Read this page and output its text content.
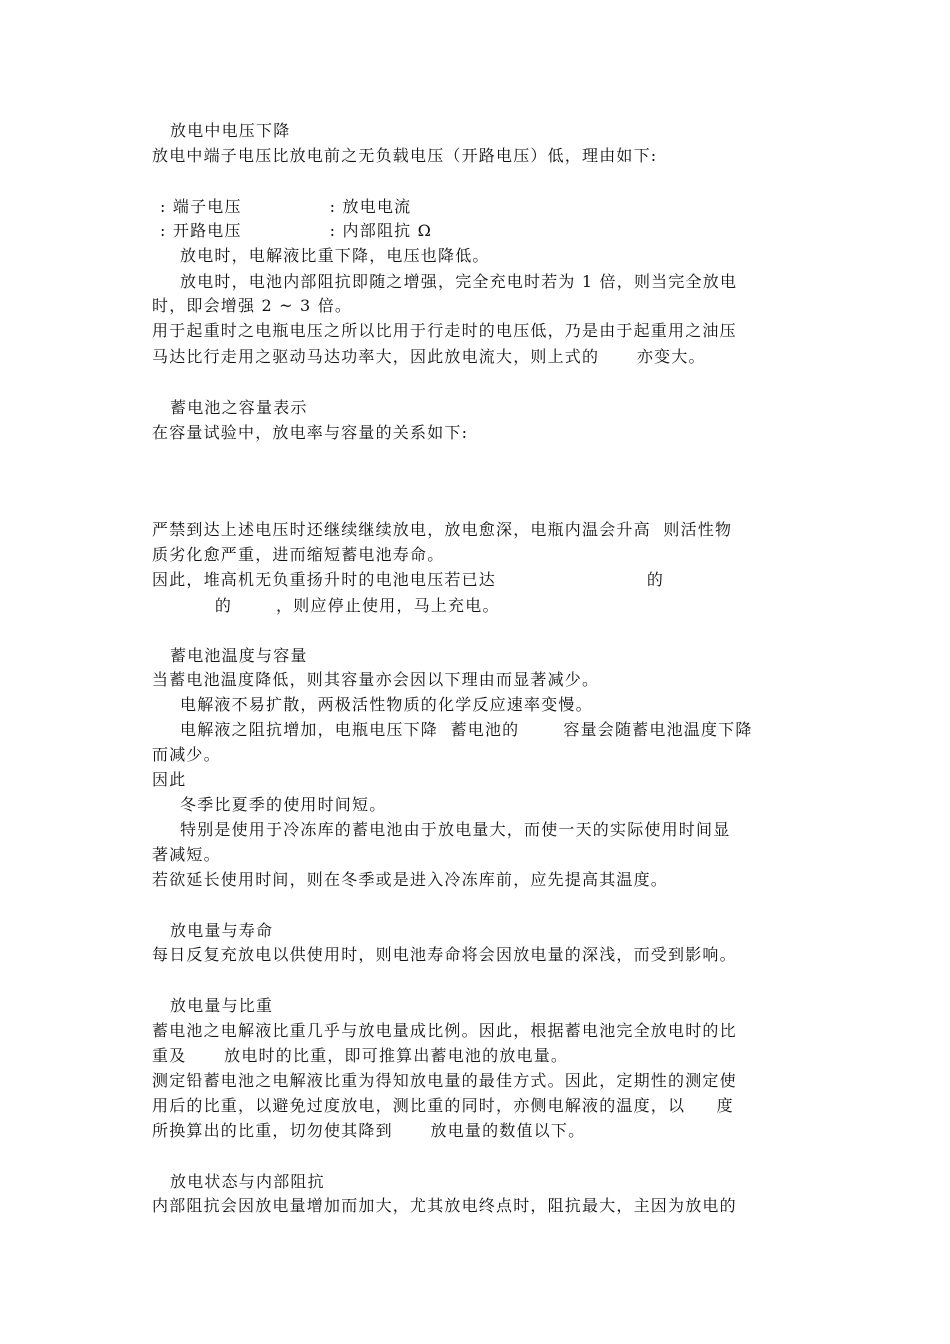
放电中电压下降
放电中端子电压比放电前之无负载电压（开路电压）低，理由如下:
: 端子电压              : 放电电流
: 开路电压              : 内部阻抗 Ω
放电时，电解液比重下降，电压也降低。
放电时，电池内部阻抗即随之增强，完全充电时若为 1 倍，则当完全放电
时，即会增强 2 ~ 3 倍。
用于起重时之电瓶电压之所以比用于行走时的电压低，乃是由于起重用之油压
马达比行走用之驱动马达功率大，因此放电流大，则上式的      亦变大。
蓄电池之容量表示
在容量试验中，放电率与容量的关系如下:
严禁到达上述电压时还继续继续放电，放电愈深，电瓶内温会升高  则活性物
质劣化愈严重，进而缩短蓄电池寿命。
因此，堆高机无负重扬升时的电池电压若已达                        的
的       ，则应停止使用，马上充电。
蓄电池温度与容量
当蓄电池温度降低，则其容量亦会因以下理由而显著减少。
电解液不易扩散，两极活性物质的化学反应速率变慢。
电解液之阻抗增加，电瓶电压下降  蓄电池的       容量会随蓄电池温度下降
而减少。
因此
冬季比夏季的使用时间短。
特别是使用于冷冻库的蓄电池由于放电量大，而使一天的实际使用时间显
著减短。
若欲延长使用时间，则在冬季或是进入冷冻库前，应先提高其温度。
放电量与寿命
每日反复充放电以供使用时，则电池寿命将会因放电量的深浅，而受到影响。
放电量与比重
蓄电池之电解液比重几乎与放电量成比例。因此，根据蓄电池完全放电时的比
重及      放电时的比重，即可推算出蓄电池的放电量。
测定铅蓄电池之电解液比重为得知放电量的最佳方式。因此，定期性的测定使
用后的比重，以避免过度放电，测比重的同时，亦侧电解液的温度，以     度
所换算出的比重，切勿使其降到      放电量的数值以下。
放电状态与内部阻抗
内部阻抗会因放电量增加而加大，尤其放电终点时，阻抗最大，主因为放电的
